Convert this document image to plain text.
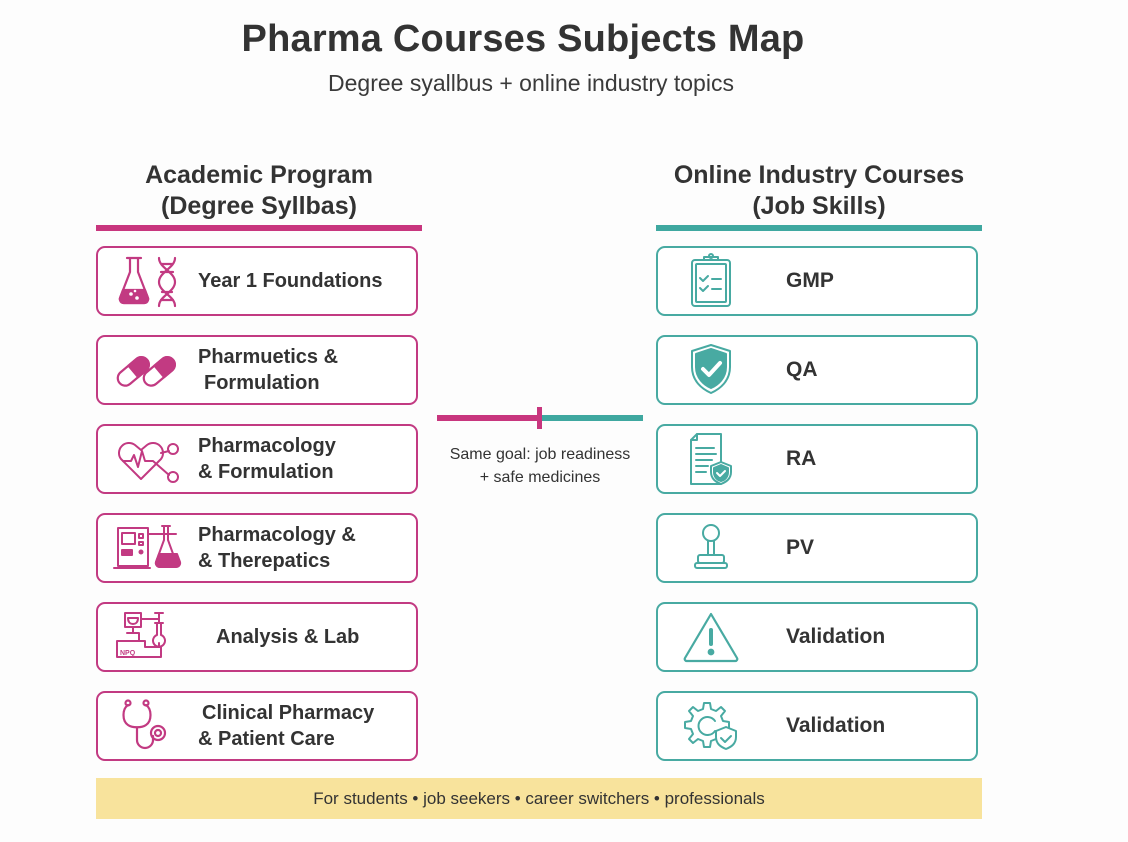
Pharma Courses Subjects Map
Degree syallbus + online industry topics
Academic Program
(Degree Syllbas)
Online Industry Courses
(Job Skills)
Year 1 Foundations
Pharmuetics &
Formulation
Pharmacology
& Formulation
Pharmacology &
& Therepatics
NPQ
Analysis & Lab
Clinical Pharmacy
& Patient Care
Same goal: job readiness
+ safe medicines
GMP
QA
RA
PV
Validation
Validation
For students • job seekers • career switchers • professionals
